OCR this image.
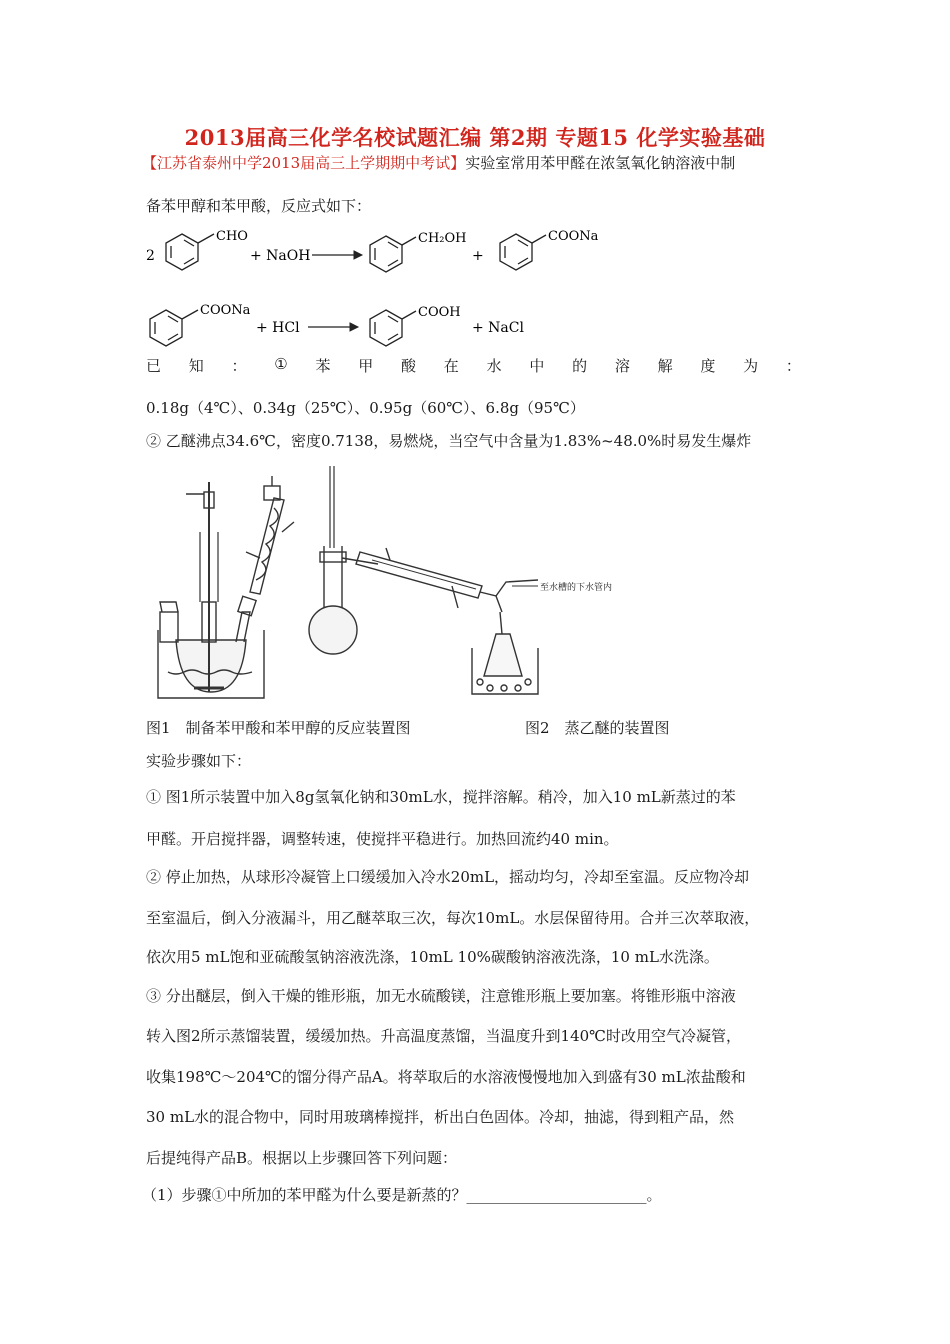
2013届高三化学名校试题汇编 第2期 专题15 化学实验基础
【江苏省泰州中学2013届高三上学期期中考试】实验室常用苯甲醛在浓氢氧化钠溶液中制
备苯甲醇和苯甲酸，反应式如下：
2
CHO
+ NaOH
CH₂OH
+
COONa
COONa
+ HCl
COOH
+ NaCl
已 知 ： ① 苯 甲 酸 在 水 中 的 溶 解 度 为 ：
0.18g（4℃）、0.34g（25℃）、0.95g（60℃）、6.8g（95℃）
② 乙醚沸点34.6℃，密度0.7138，易燃烧，当空气中含量为1.83%~48.0%时易发生爆炸
至水槽的下水管内
图1　制备苯甲酸和苯甲醇的反应装置图	图2　蒸乙醚的装置图
实验步骤如下：
① 图1所示装置中加入8g氢氧化钠和30mL水，搅拌溶解。稍冷，加入10 mL新蒸过的苯
甲醛。开启搅拌器，调整转速，使搅拌平稳进行。加热回流约40 min。
② 停止加热，从球形冷凝管上口缓缓加入冷水20mL，摇动均匀，冷却至室温。反应物冷却
至室温后，倒入分液漏斗，用乙醚萃取三次，每次10mL。水层保留待用。合并三次萃取液，
依次用5 mL饱和亚硫酸氢钠溶液洗涤，10mL 10%碳酸钠溶液洗涤，10 mL水洗涤。
③ 分出醚层，倒入干燥的锥形瓶，加无水硫酸镁，注意锥形瓶上要加塞。将锥形瓶中溶液
转入图2所示蒸馏装置，缓缓加热。升高温度蒸馏，当温度升到140℃时改用空气冷凝管，
收集198℃～204℃的馏分得产品A。将萃取后的水溶液慢慢地加入到盛有30 mL浓盐酸和
30 mL水的混合物中，同时用玻璃棒搅拌，析出白色固体。冷却，抽滤，得到粗产品，然
后提纯得产品B。根据以上步骤回答下列问题：
（1）步骤①中所加的苯甲醛为什么要是新蒸的？________________________。
